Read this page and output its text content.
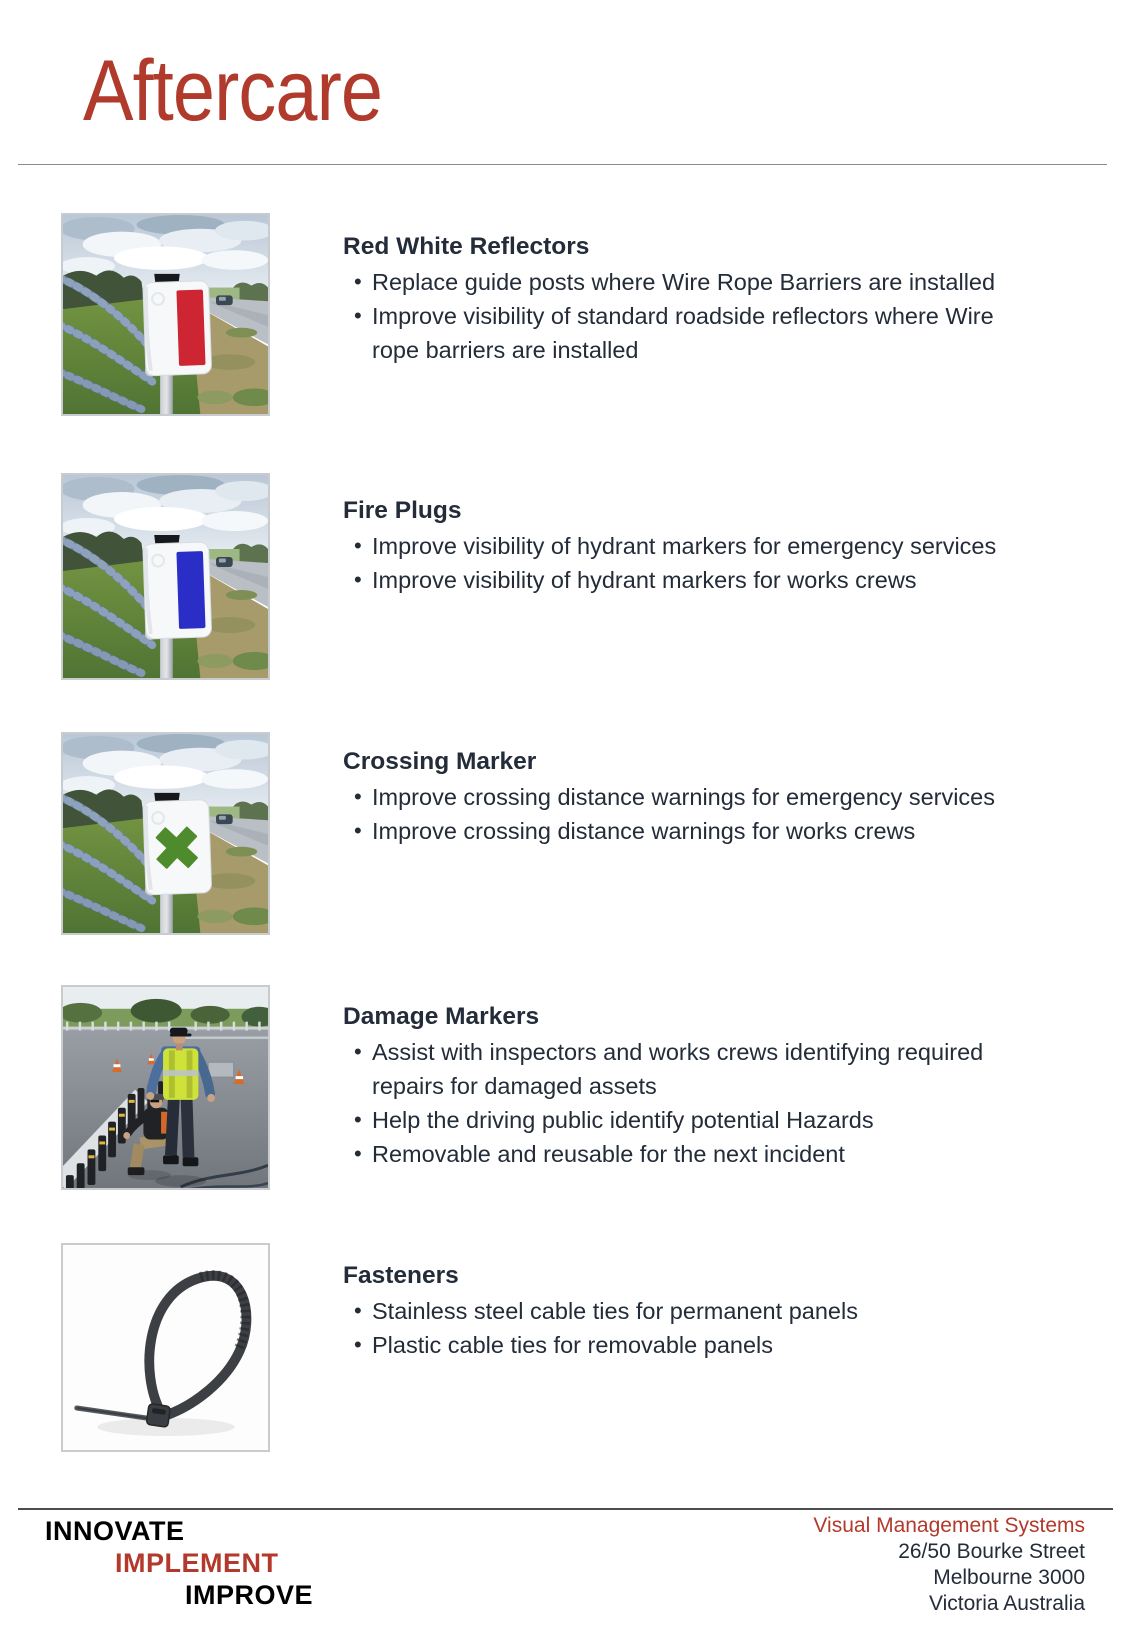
Aftercare
Red White Reflectors
• Replace guide posts where Wire Rope Barriers are installed
• Improve visibility of standard roadside reflectors where Wire rope barriers are installed
Fire Plugs
• Improve visibility of hydrant markers for emergency services
• Improve visibility of hydrant markers for works crews
Crossing Marker
• Improve crossing distance warnings for emergency services
• Improve crossing distance warnings for works crews
Damage Markers
• Assist with inspectors and works crews identifying required repairs for damaged assets
• Help the driving public identify potential Hazards
• Removable and reusable for the next incident
Fasteners
• Stainless steel cable ties for permanent panels
• Plastic cable ties for removable panels
INNOVATE
IMPLEMENT
IMPROVE
Visual Management Systems
26/50 Bourke Street
Melbourne 3000
Victoria Australia
